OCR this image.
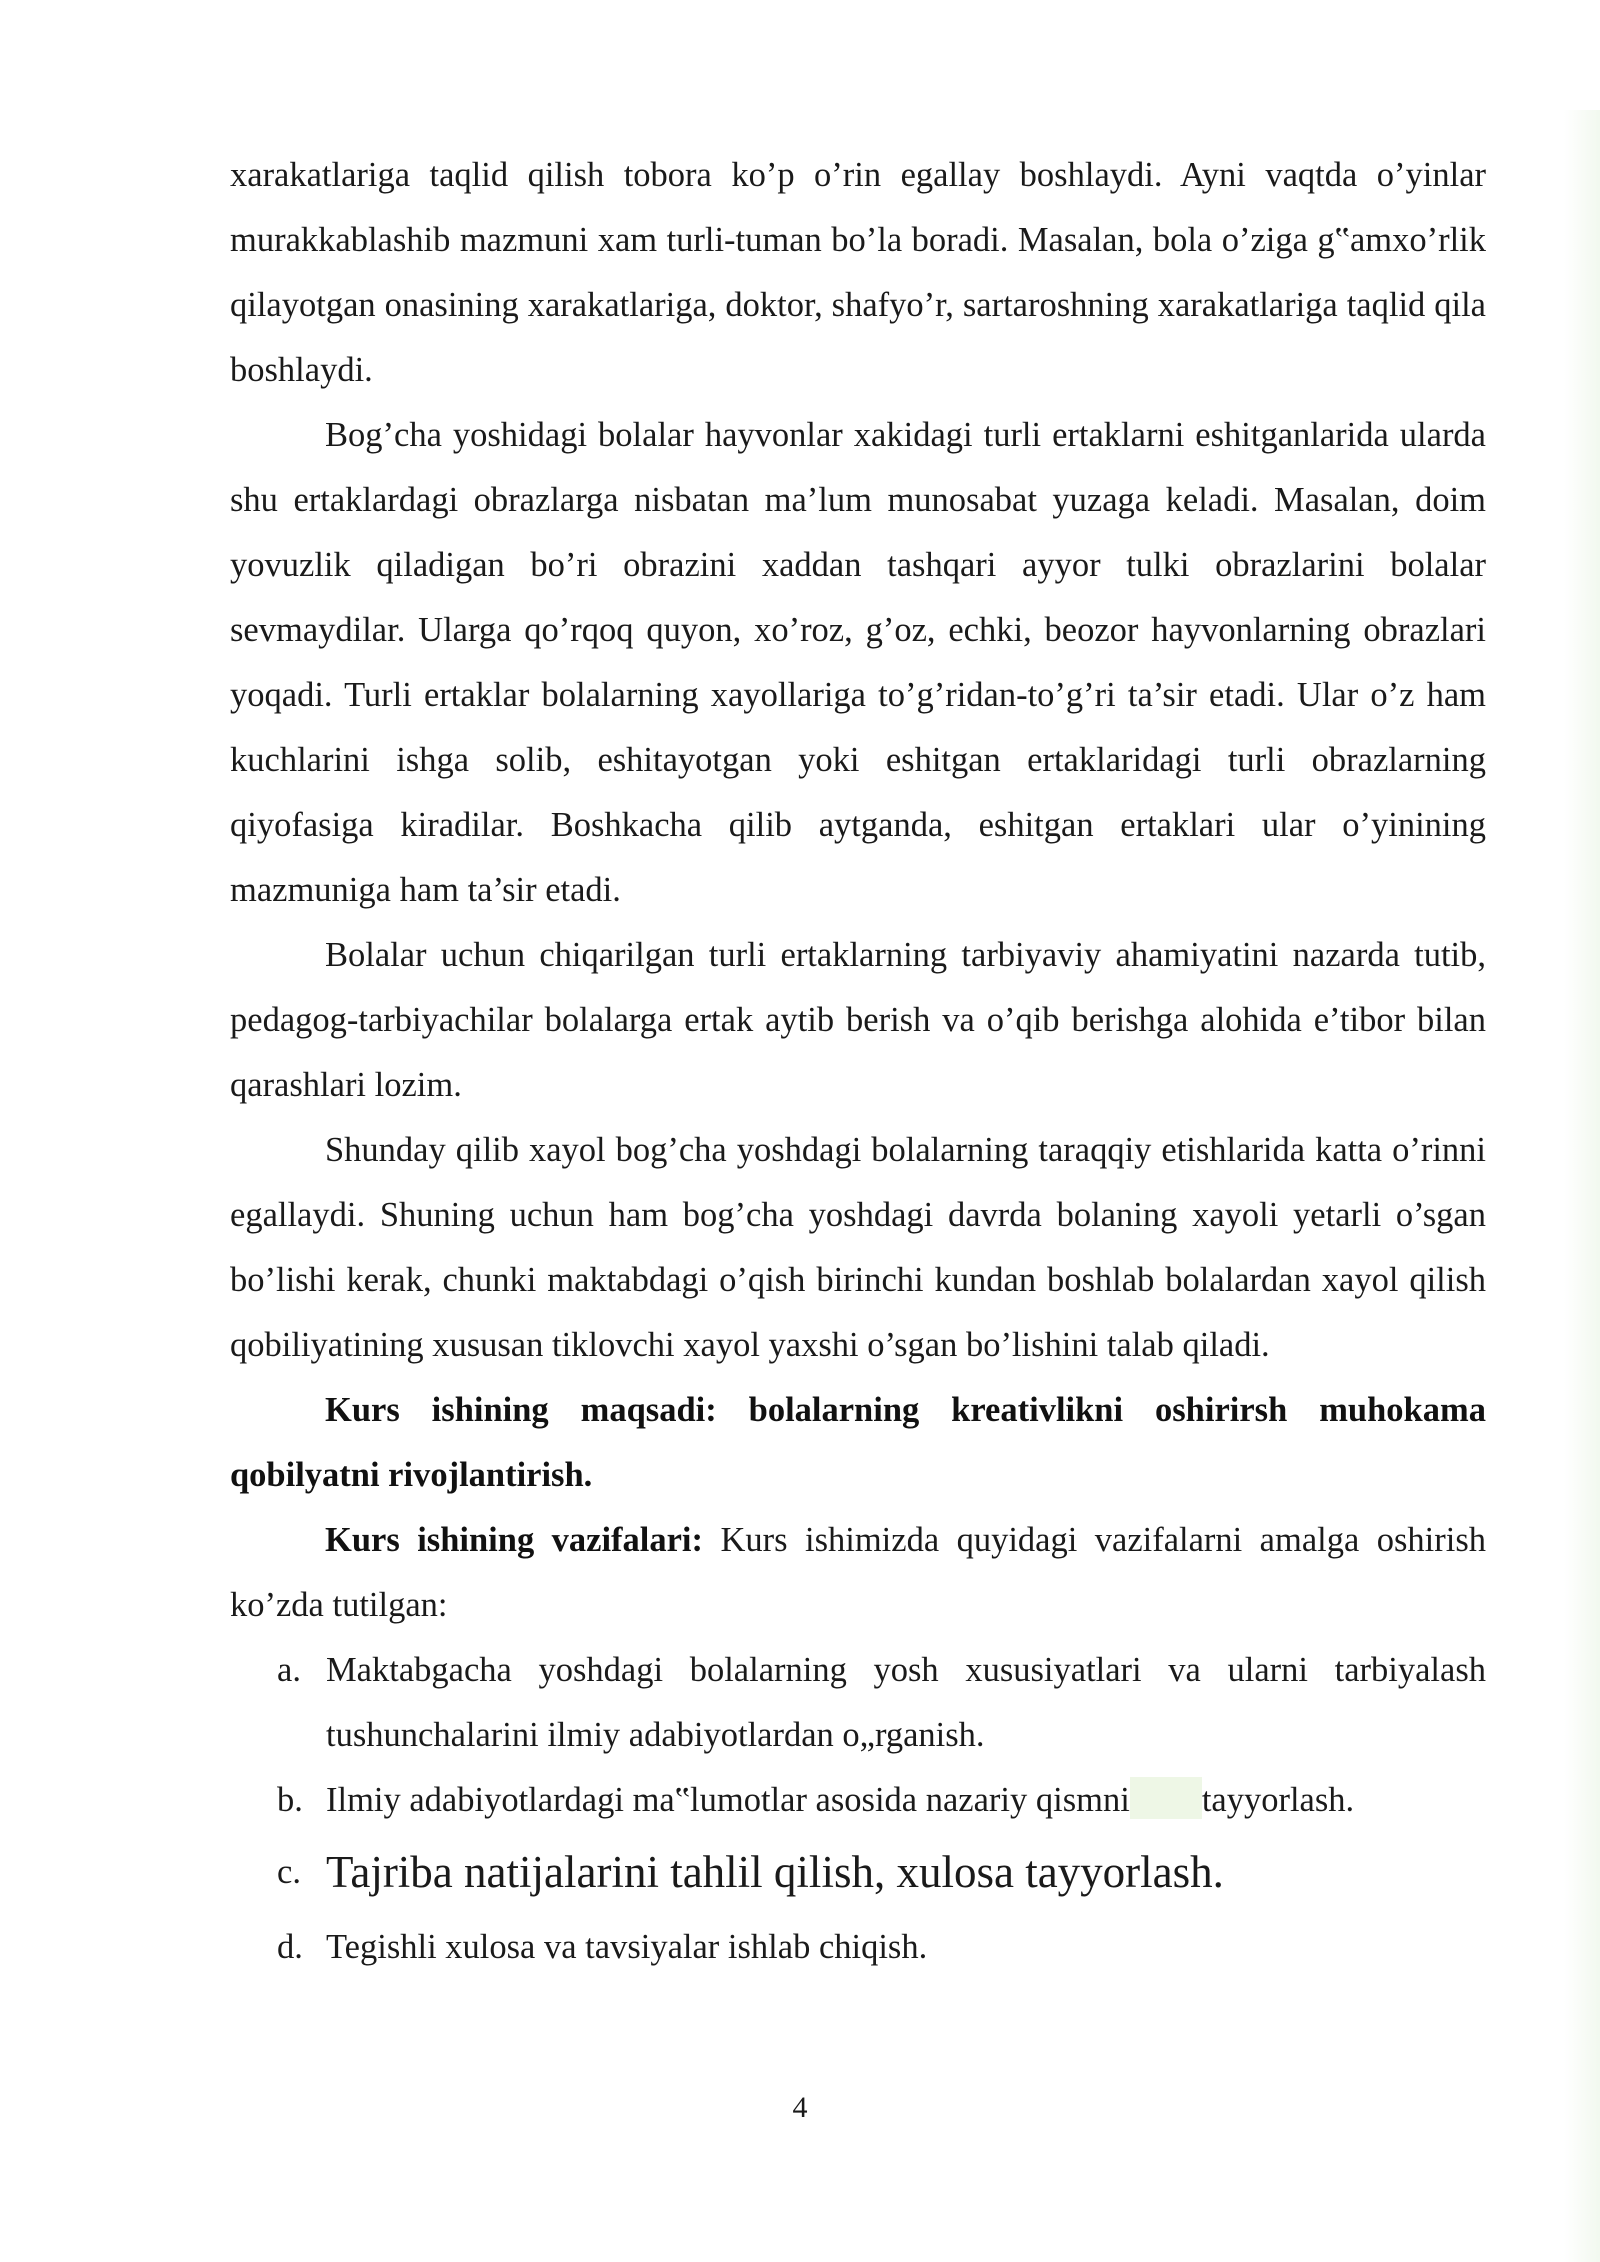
xarakatlariga taqlid qilish tobora ko’p o’rin egallay boshlaydi. Ayni vaqtda o’yinlar murakkablashib mazmuni xam turli-tuman bo’la boradi. Masalan, bola o’ziga g‟amxo’rlik qilayotgan onasining xarakatlariga, doktor, shafyo’r, sartaroshning xarakatlariga taqlid qila boshlaydi.

Bog’cha yoshidagi bolalar hayvonlar xakidagi turli ertaklarni eshitganlarida ularda shu ertaklardagi obrazlarga nisbatan ma’lum munosabat yuzaga keladi. Masalan, doim yovuzlik qiladigan bo’ri obrazini xaddan tashqari ayyor tulki obrazlarini bolalar sevmaydilar. Ularga qo’rqoq quyon, xo’roz, g’oz, echki, beozor hayvonlarning obrazlari yoqadi. Turli ertaklar bolalarning xayollariga to’g’ridan-to’g’ri ta’sir etadi. Ular o’z ham kuchlarini ishga solib, eshitayotgan yoki eshitgan ertaklaridagi turli obrazlarning qiyofasiga kiradilar. Boshkacha qilib aytganda, eshitgan ertaklari ular o’yinining mazmuniga ham ta’sir etadi.

Bolalar uchun chiqarilgan turli ertaklarning tarbiyaviy ahamiyatini nazarda tutib, pedagog-tarbiyachilar bolalarga ertak aytib berish va o’qib berishga alohida e’tibor bilan qarashlari lozim.

Shunday qilib xayol bog’cha yoshdagi bolalarning taraqqiy etishlarida katta o’rinni egallaydi. Shuning uchun ham bog’cha yoshdagi davrda bolaning xayoli yetarli o’sgan bo’lishi kerak, chunki maktabdagi o’qish birinchi kundan boshlab bolalardan xayol qilish qobiliyatining xususan tiklovchi xayol yaxshi o’sgan bo’lishini talab qiladi.

Kurs ishining maqsadi: bolalarning kreativlikni oshirirsh muhokama qobilyatni rivojlantirish.

Kurs ishining vazifalari: Kurs ishimizda quyidagi vazifalarni amalga oshirish ko’zda tutilgan:

a. Maktabgacha yoshdagi bolalarning yosh xususiyatlari va ularni tarbiyalash tushunchalarini ilmiy adabiyotlardan o„rganish.
b. Ilmiy adabiyotlardagi ma‟lumotlar asosida nazariy qismni tayyorlash.
c. Tajriba natijalarini tahlil qilish, xulosa tayyorlash.
d. Tegishli xulosa va tavsiyalar ishlab chiqish.
4
